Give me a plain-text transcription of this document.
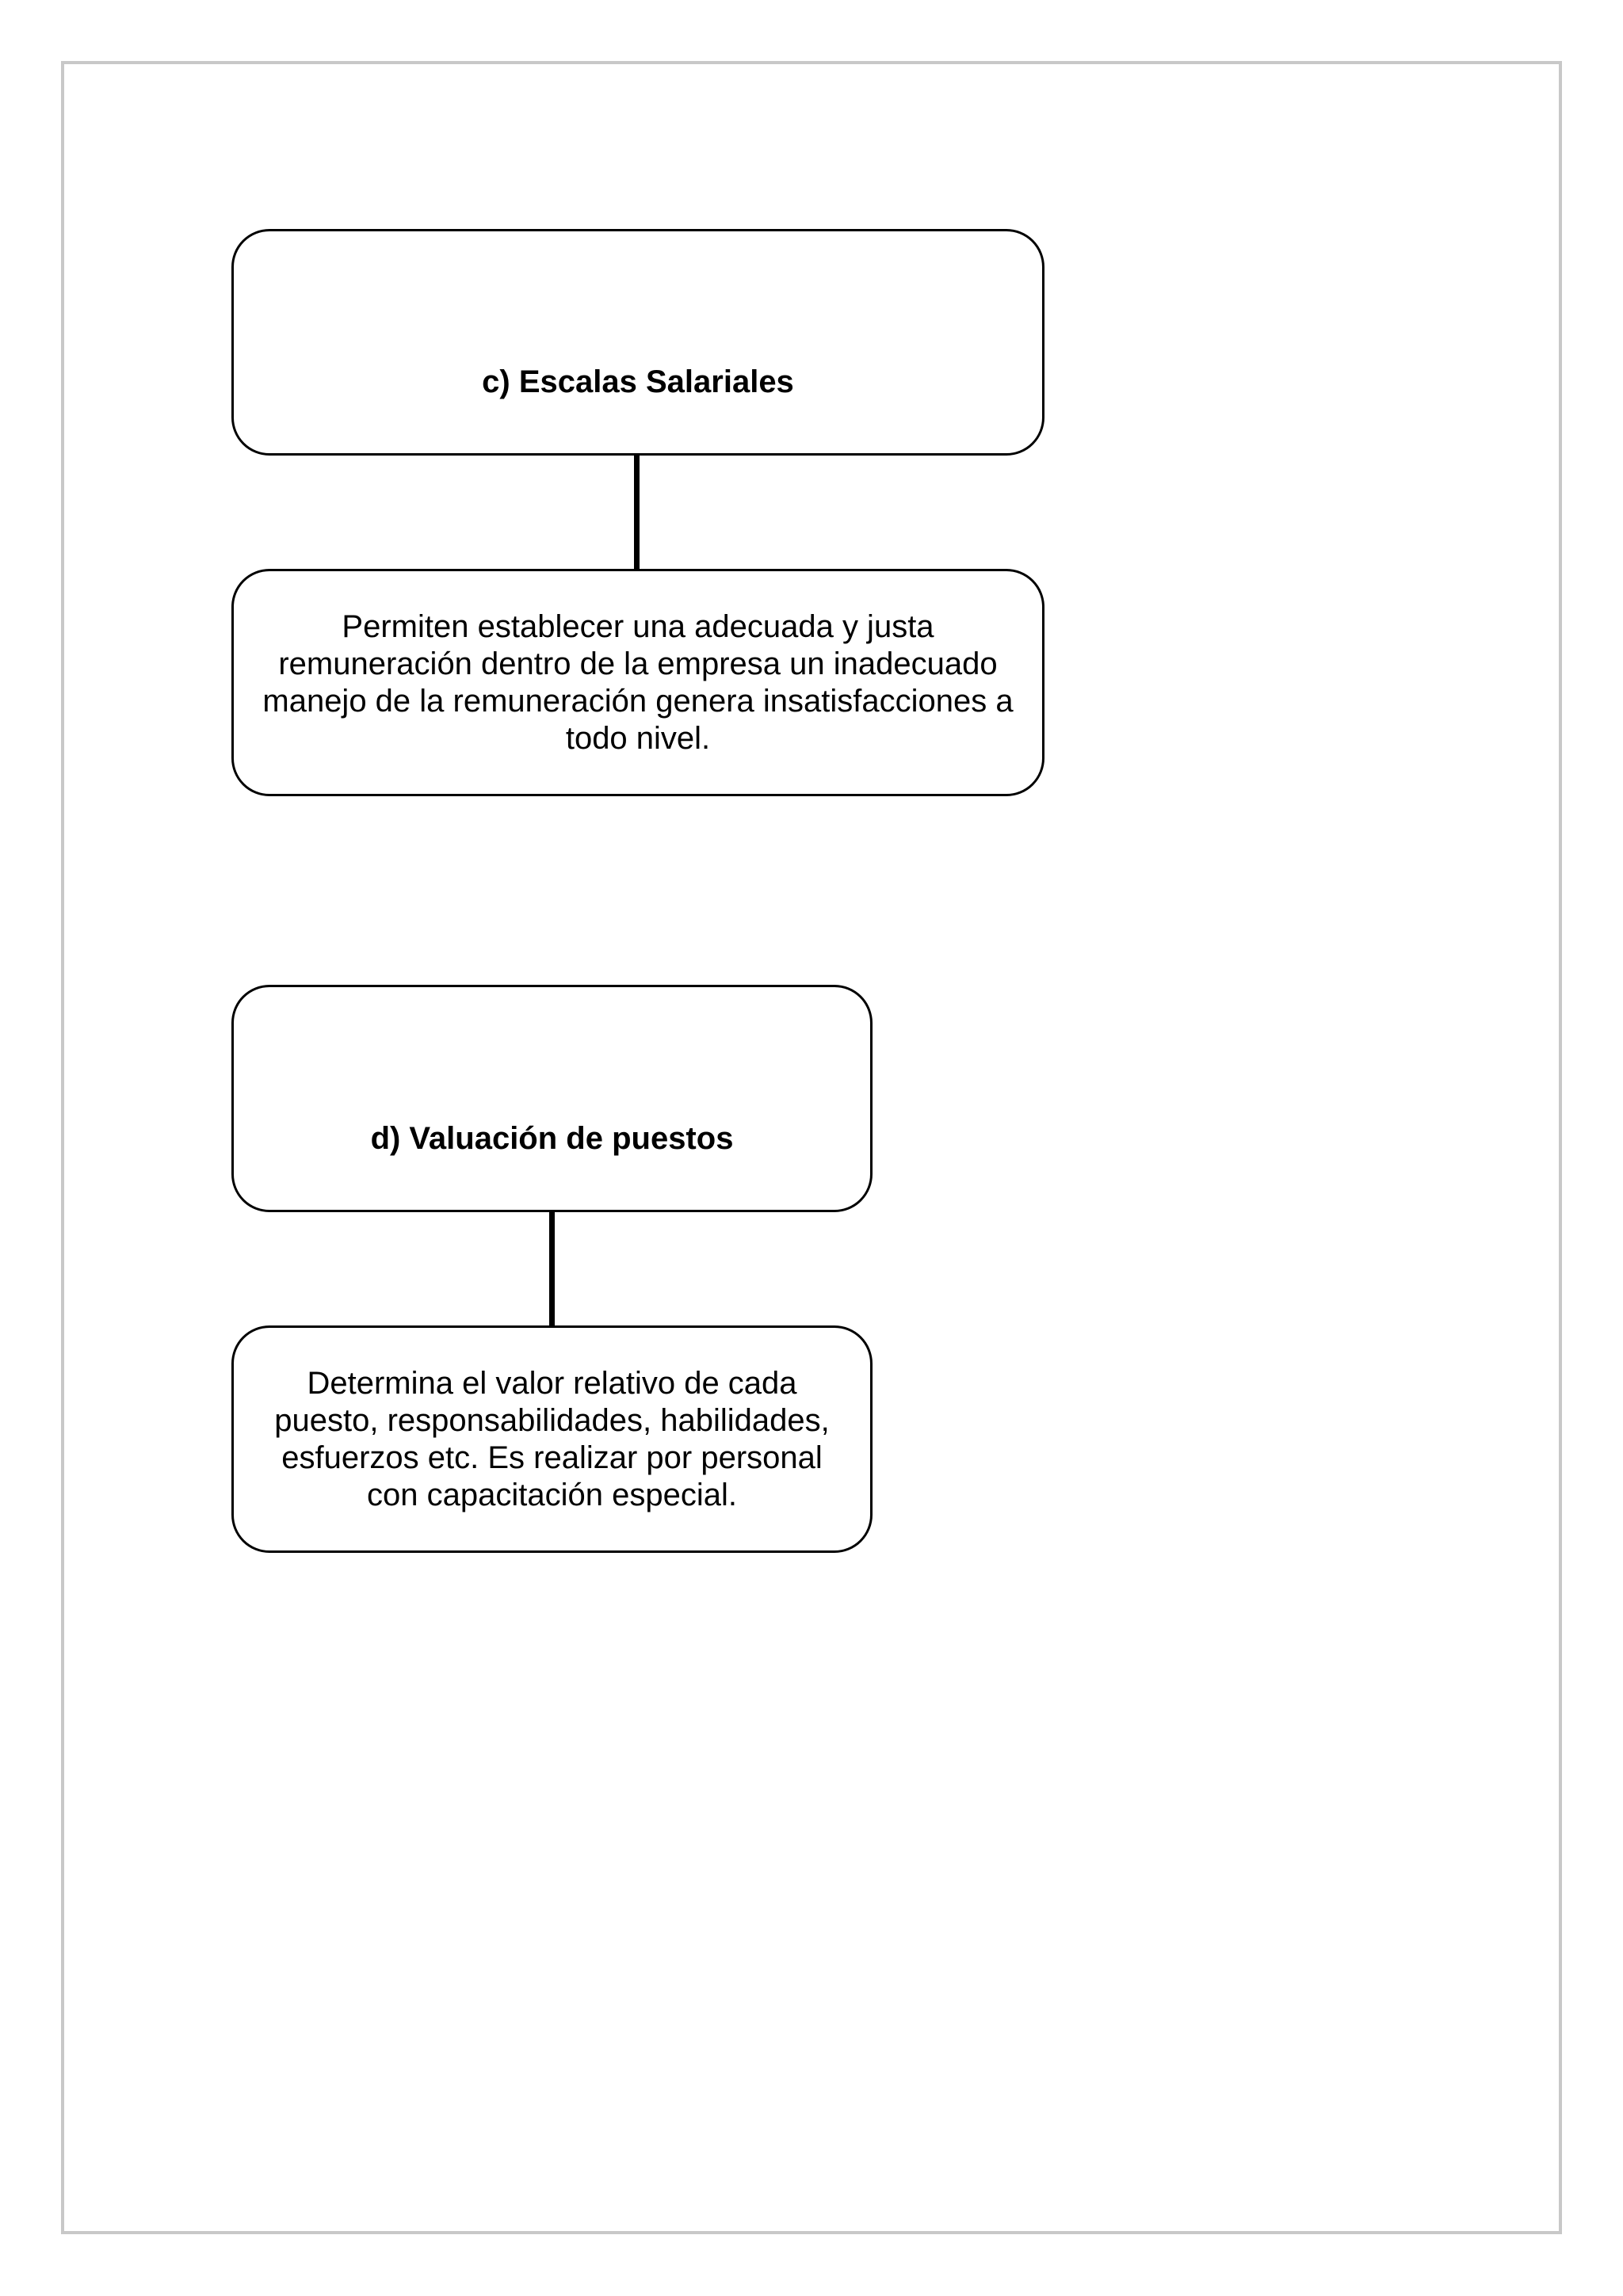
c) Escalas Salariales
Permiten establecer una adecuada y justa remuneración dentro de la empresa un inadecuado manejo de la remuneración genera insatisfacciones a todo nivel.
d) Valuación de puestos
Determina el valor relativo de cada puesto, responsabilidades, habilidades, esfuerzos etc. Es realizar por personal con capacitación especial.
